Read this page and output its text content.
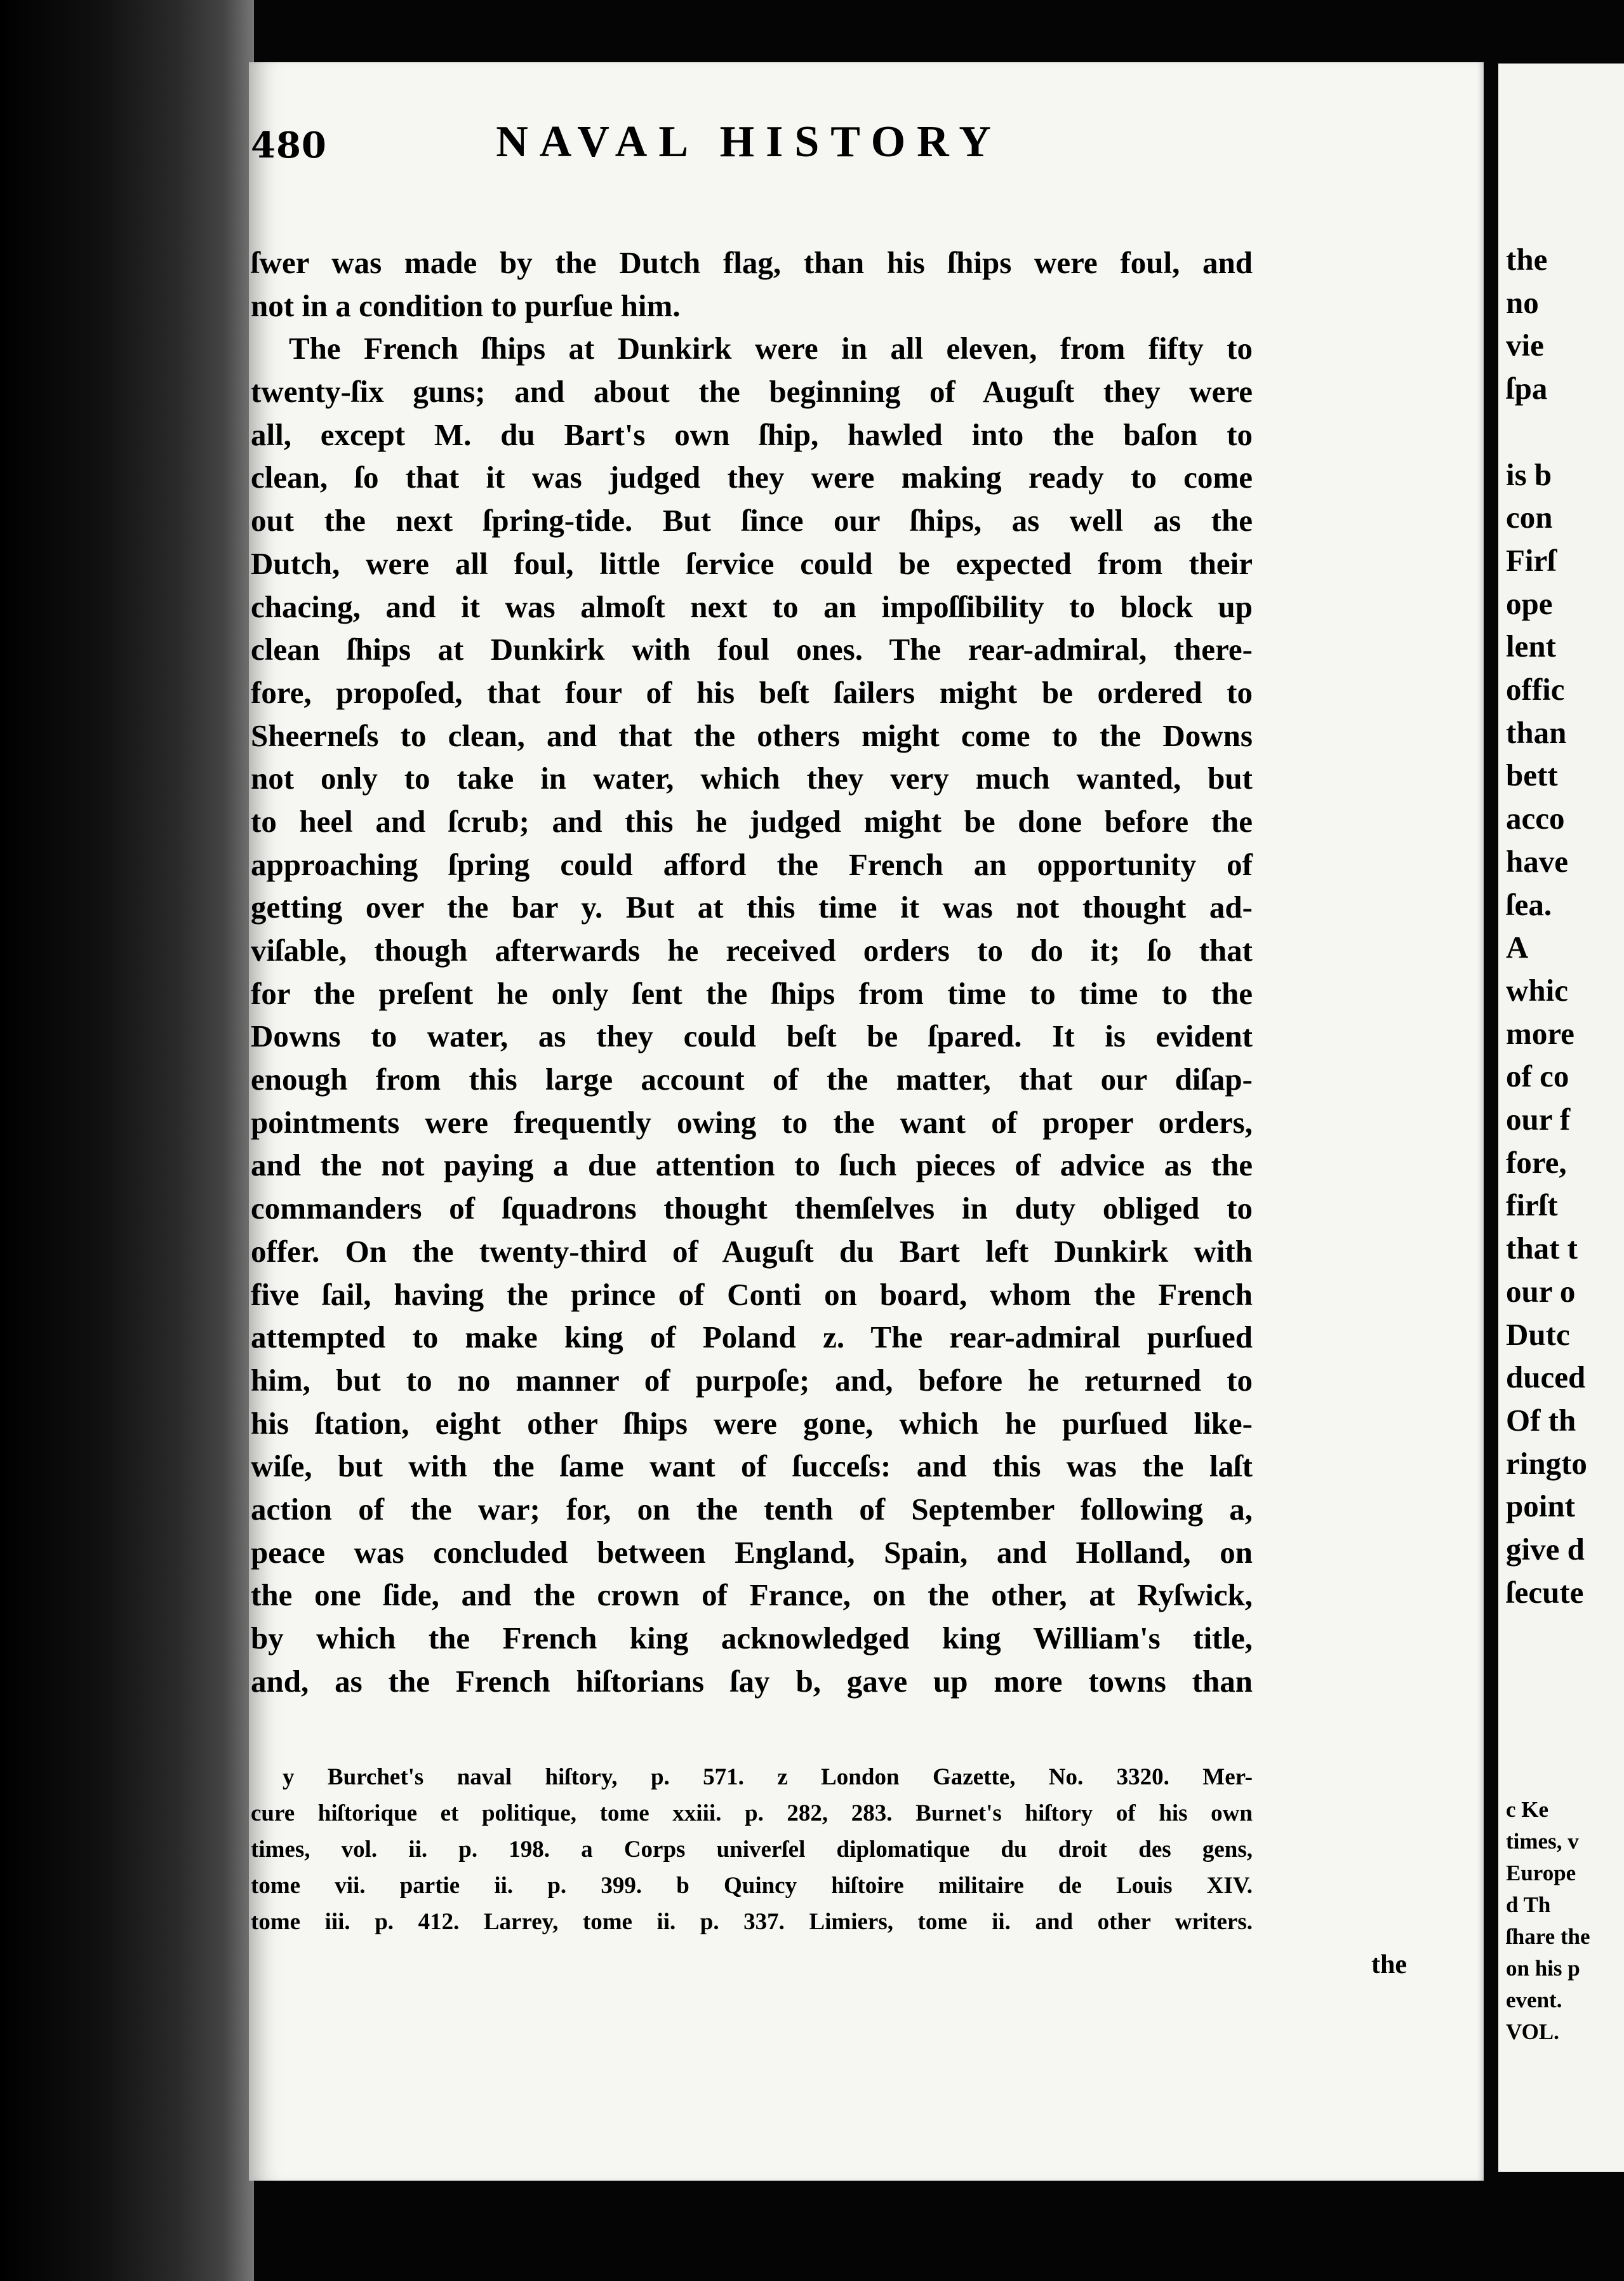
480	NAVAL HISTORY
ſwer was made by the Dutch flag, than his ſhips were foul, and
not in a condition to purſue him.
The French ſhips at Dunkirk were in all eleven, from fifty to
twenty-ſix guns; and about the beginning of Auguſt they were
all, except M. du Bart's own ſhip, hawled into the baſon to
clean, ſo that it was judged they were making ready to come
out the next ſpring-tide. But ſince our ſhips, as well as the
Dutch, were all foul, little ſervice could be expected from their
chacing, and it was almoſt next to an impoſſibility to block up
clean ſhips at Dunkirk with foul ones. The rear-admiral, there-
fore, propoſed, that four of his beſt ſailers might be ordered to
Sheerneſs to clean, and that the others might come to the Downs
not only to take in water, which they very much wanted, but
to heel and ſcrub; and this he judged might be done before the
approaching ſpring could afford the French an opportunity of
getting over the bar y. But at this time it was not thought ad-
viſable, though afterwards he received orders to do it; ſo that
for the preſent he only ſent the ſhips from time to time to the
Downs to water, as they could beſt be ſpared. It is evident
enough from this large account of the matter, that our diſap-
pointments were frequently owing to the want of proper orders,
and the not paying a due attention to ſuch pieces of advice as the
commanders of ſquadrons thought themſelves in duty obliged to
offer. On the twenty-third of Auguſt du Bart left Dunkirk with
five ſail, having the prince of Conti on board, whom the French
attempted to make king of Poland z. The rear-admiral purſued
him, but to no manner of purpoſe; and, before he returned to
his ſtation, eight other ſhips were gone, which he purſued like-
wiſe, but with the ſame want of ſucceſs: and this was the laſt
action of the war; for, on the tenth of September following a,
peace was concluded between England, Spain, and Holland, on
the one ſide, and the crown of France, on the other, at Ryſwick,
by which the French king acknowledged king William's title,
and, as the French hiſtorians ſay b, gave up more towns than
y Burchet's naval hiſtory, p. 571. z London Gazette, No. 3320. Mer-
cure hiſtorique et politique, tome xxiii. p. 282, 283. Burnet's hiſtory of his own
times, vol. ii. p. 198. a Corps univerſel diplomatique du droit des gens,
tome vii. partie ii. p. 399. b Quincy hiſtoire militaire de Louis XIV.
tome iii. p. 412. Larrey, tome ii. p. 337. Limiers, tome ii. and other writers.
the
the
no
vie
ſpa
is b
con
Firſ
ope
lent
offic
than
bett
acco
have
ſea.
A
whic
more
of co
our f
fore,
firſt
that t
our o
Dutc
duced
Of th
ringto
point
give d
ſecute
c Ke
times, v
Europe
d Th
ſhare the
on his p
event.
VOL.
